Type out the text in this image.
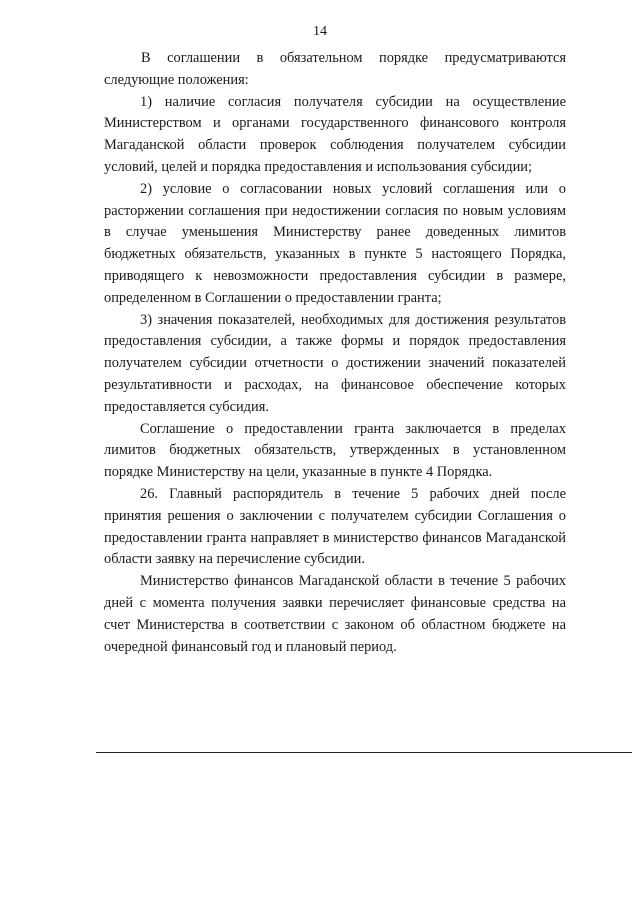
14

В соглашении в обязательном порядке предусматриваются следующие положения:

1) наличие согласия получателя субсидии на осуществление Министерством и органами государственного финансового контроля Магаданской области проверок соблюдения получателем субсидии условий, целей и порядка предоставления и использования субсидии;

2) условие о согласовании новых условий соглашения или о расторжении соглашения при недостижении согласия по новым условиям в случае уменьшения Министерству ранее доведенных лимитов бюджетных обязательств, указанных в пункте 5 настоящего Порядка, приводящего к невозможности предоставления субсидии в размере, определенном в Соглашении о предоставлении гранта;

3) значения показателей, необходимых для достижения результатов предоставления субсидии, а также формы и порядок предоставления получателем субсидии отчетности о достижении значений показателей результативности и расходах, на финансовое обеспечение которых предоставляется субсидия.

Соглашение о предоставлении гранта заключается в пределах лимитов бюджетных обязательств, утвержденных в установленном порядке Министерству на цели, указанные в пункте 4 Порядка.

26. Главный распорядитель в течение 5 рабочих дней после принятия решения о заключении с получателем субсидии Соглашения о предоставлении гранта направляет в министерство финансов Магаданской области заявку на перечисление субсидии.

Министерство финансов Магаданской области в течение 5 рабочих дней с момента получения заявки перечисляет финансовые средства на счет Министерства в соответствии с законом об областном бюджете на очередной финансовый год и плановый период.
